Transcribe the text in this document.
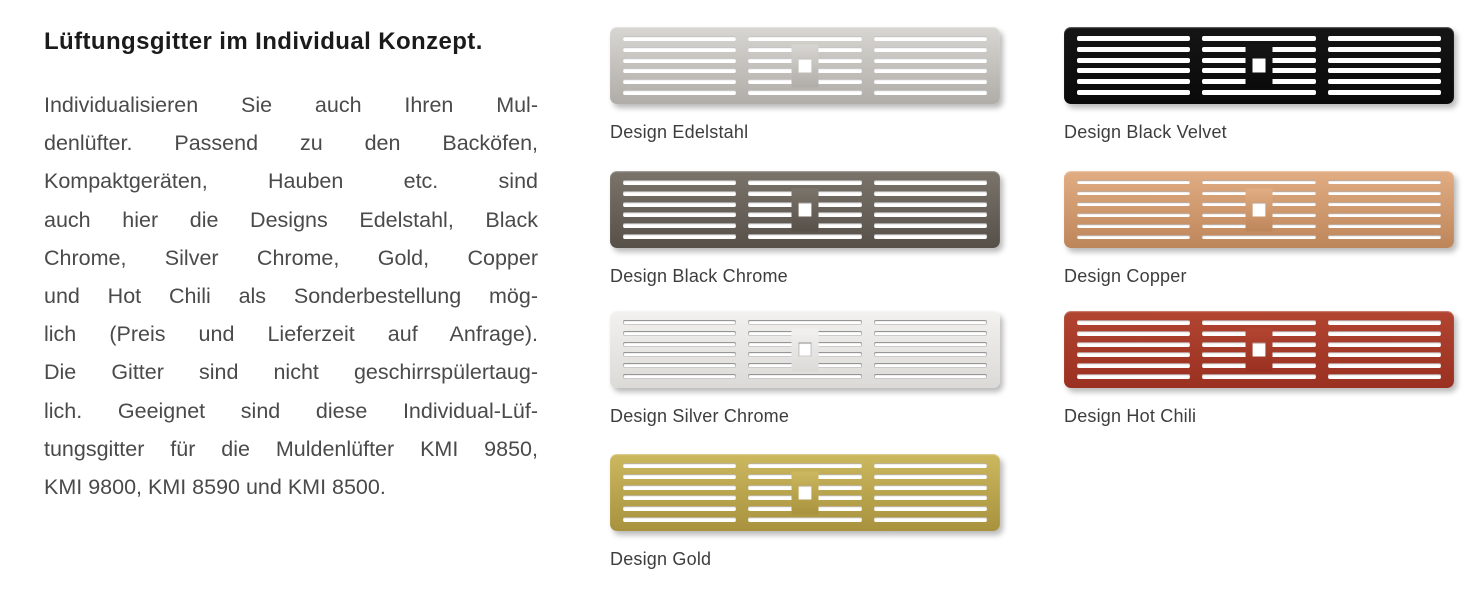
Lüftungsgitter im Individual Konzept.
Individualisieren Sie auch Ihren Mul-
denlüfter. Passend zu den Backöfen,
Kompaktgeräten, Hauben etc. sind
auch hier die Designs Edelstahl, Black
Chrome, Silver Chrome, Gold, Copper
und Hot Chili als Sonderbestellung mög-
lich (Preis und Lieferzeit auf Anfrage).
Die Gitter sind nicht geschirrspülertaug-
lich. Geeignet sind diese Individual-Lüf-
tungsgitter für die Muldenlüfter KMI 9850,
KMI 9800, KMI 8590 und KMI 8500.
Design Edelstahl	Design Black Velvet
Design Black Chrome	Design Copper
Design Silver Chrome	Design Hot Chili
Design Gold
